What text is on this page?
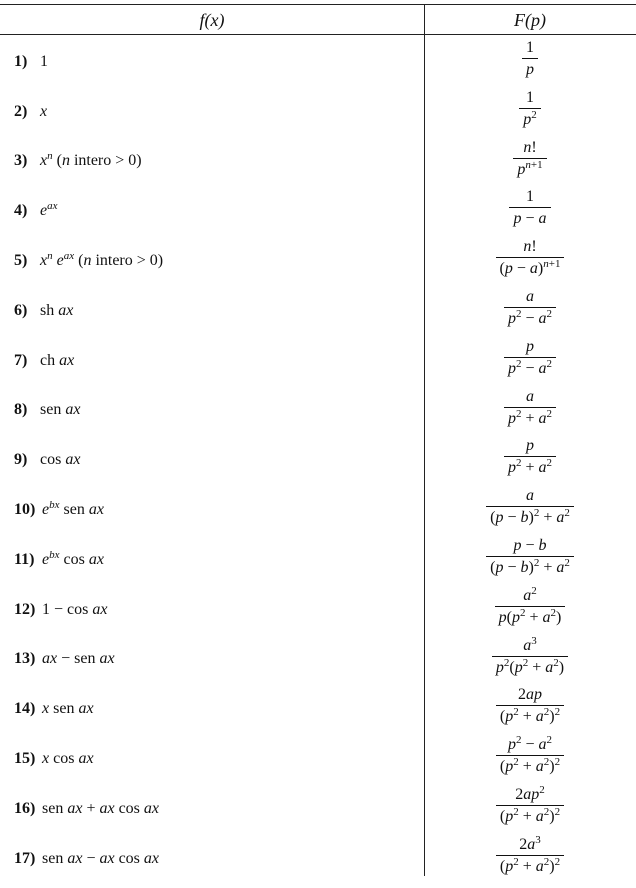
f(x)	F(p)
1) 1	$\frac{1}{p}$
2) x	$\frac{1}{p^2}$
3) $x^n$ (n intero > 0)	$\frac{n!}{p^{n+1}}$
4) $e^{ax}$	$\frac{1}{p - a}$
5) $x^n$ $e^{ax}$ (n intero > 0)	$\frac{n!}{(p - a)^{n+1}}$
6) sh ax	$\frac{a}{p^2 - a^2}$
7) ch ax	$\frac{p}{p^2 - a^2}$
8) sen ax	$\frac{a}{p^2 + a^2}$
9) cos ax	$\frac{p}{p^2 + a^2}$
10) $e^{bx}$ sen ax	$\frac{a}{(p - b)^2 + a^2}$
11) $e^{bx}$ cos ax	$\frac{p - b}{(p - b)^2 + a^2}$
12) 1 − cos ax	$\frac{a^2}{p(p^2 + a^2)}$
13) ax − sen ax	$\frac{a^3}{p^2(p^2 + a^2)}$
14) x sen ax	$\frac{2ap}{(p^2 + a^2)^2}$
15) x cos ax	$\frac{p^2 - a^2}{(p^2 + a^2)^2}$
16) sen ax + ax cos ax	$\frac{2ap^2}{(p^2 + a^2)^2}$
17) sen ax − ax cos ax	$\frac{2a^3}{(p^2 + a^2)^2}$
